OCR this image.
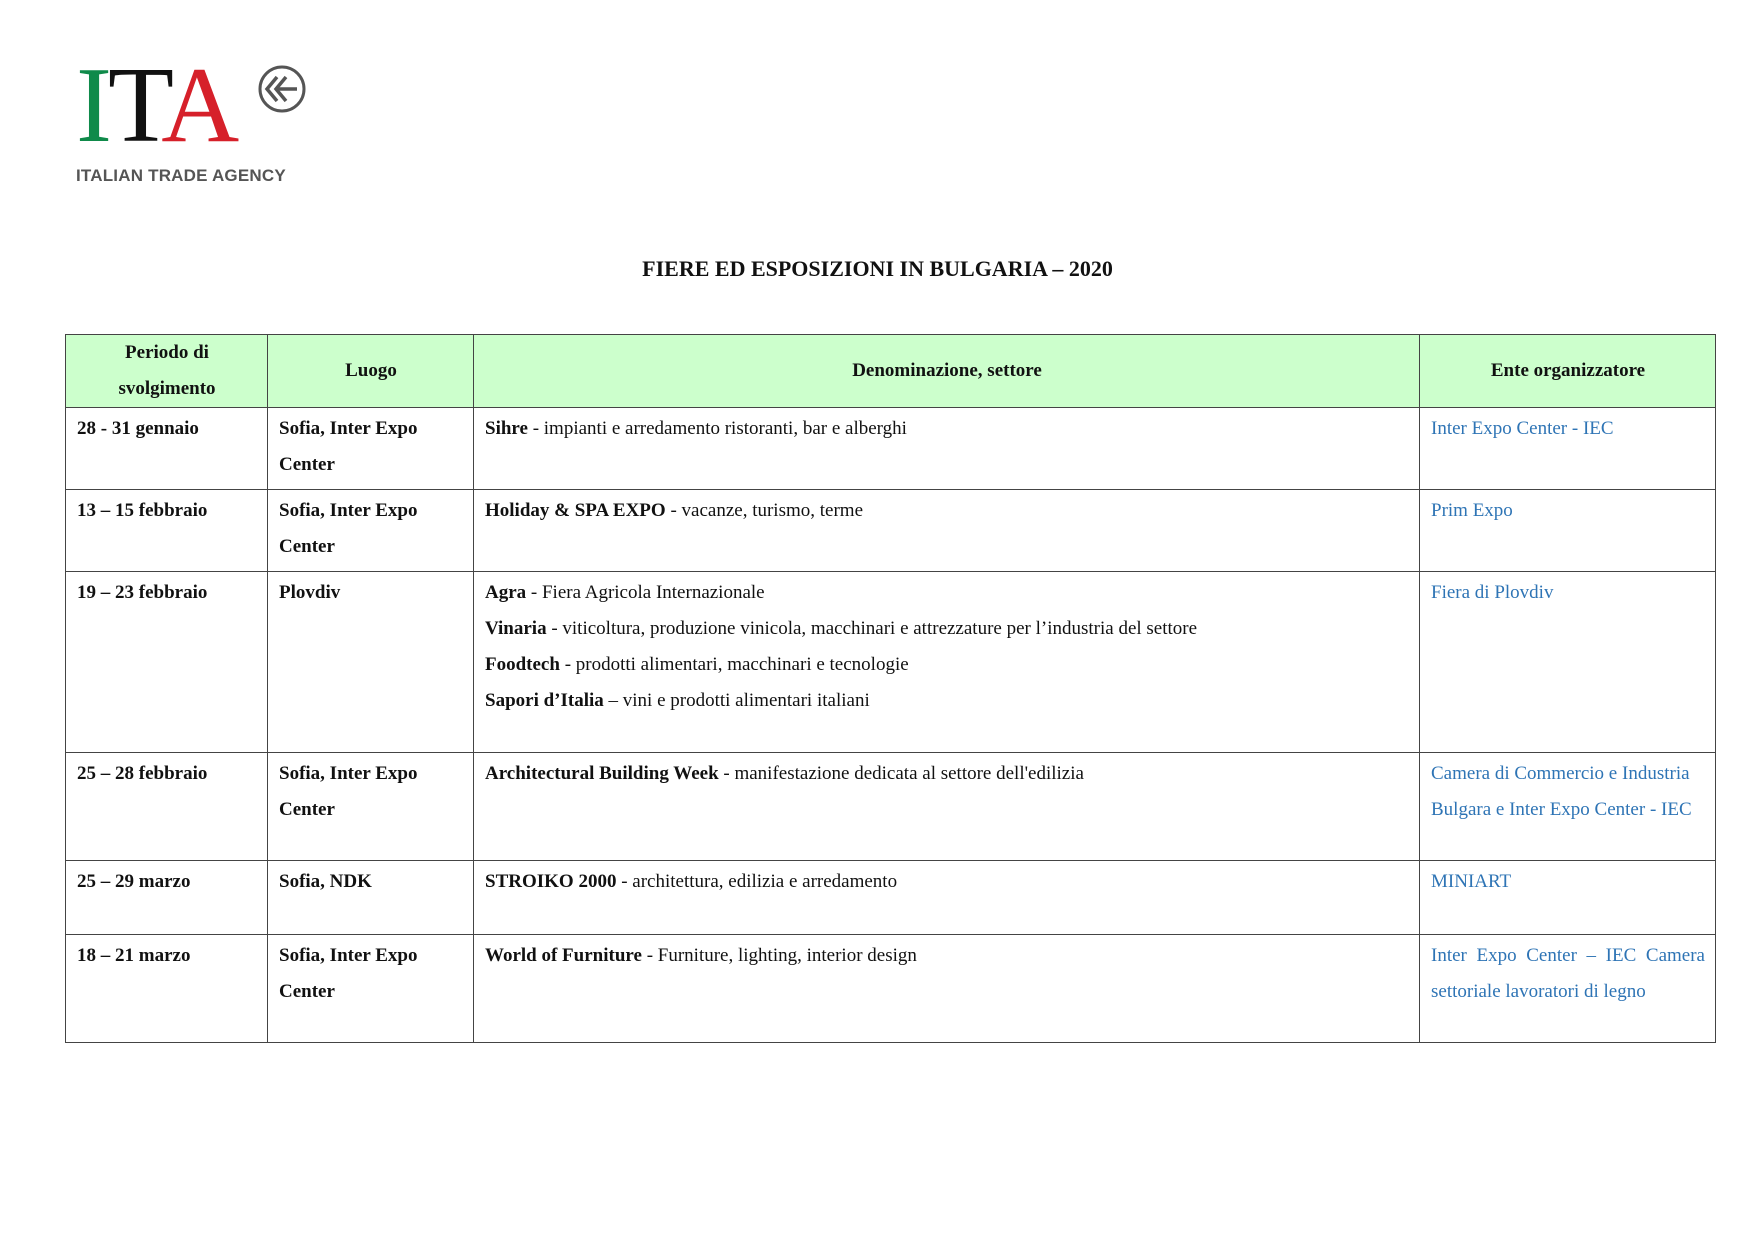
ITA
ITALIAN TRADE AGENCY
FIERE ED ESPOSIZIONI IN BULGARIA – 2020
Periodo di svolgimento	Luogo	Denominazione, settore	Ente organizzatore
28 - 31 gennaio	Sofia, Inter Expo Center	Sihre - impianti e arredamento ristoranti, bar e alberghi	Inter Expo Center - IEC
13 – 15 febbraio	Sofia, Inter Expo Center	Holiday & SPA EXPO - vacanze, turismo, terme	Prim Expo
19 – 23 febbraio	Plovdiv	Agra - Fiera Agricola Internazionale
Vinaria - viticoltura, produzione vinicola, macchinari e attrezzature per l’industria del settore
Foodtech - prodotti alimentari, macchinari e tecnologie
Sapori d’Italia – vini e prodotti alimentari italiani	Fiera di Plovdiv
25 – 28 febbraio	Sofia, Inter Expo Center	Architectural Building Week - manifestazione dedicata al settore dell'edilizia	Camera di Commercio e Industria Bulgara e Inter Expo Center - IEC
25 – 29 marzo	Sofia, NDK	STROIKO 2000 - architettura, edilizia e arredamento	MINIART
18 – 21 marzo	Sofia, Inter Expo Center	World of Furniture - Furniture, lighting, interior design	Inter Expo Center – IEC Camera settoriale lavoratori di legno
